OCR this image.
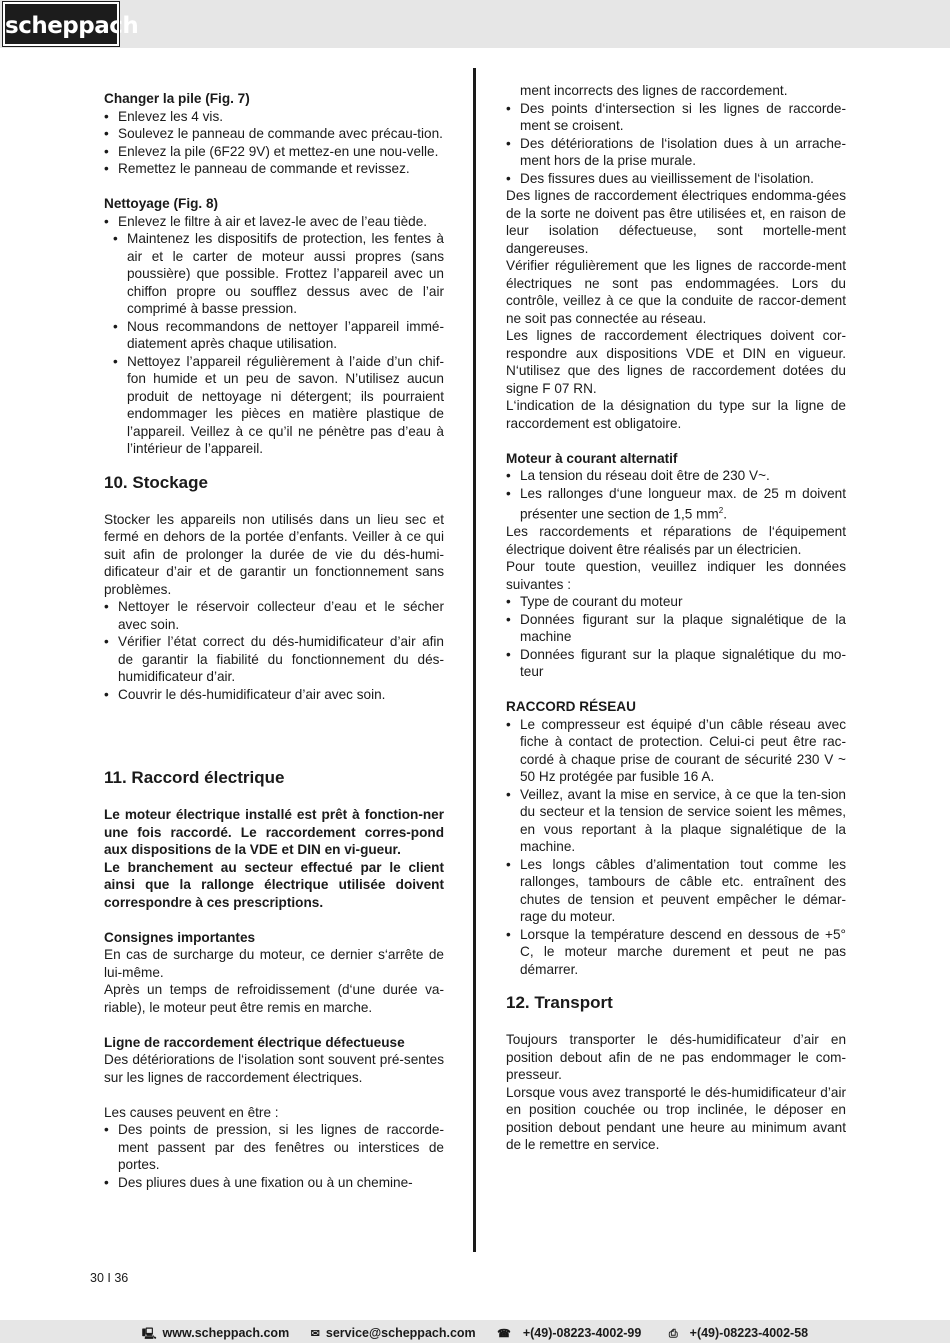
scheppach

Changer la pile (Fig. 7)

• Enlevez les 4 vis.
• Soulevez le panneau de commande avec précau-tion.
• Enlevez la pile (6F22 9V) et mettez-en une nou-velle.
• Remettez le panneau de commande et revissez.

Nettoyage (Fig. 8)

• Enlevez le filtre à air et lavez-le avec de l’eau tiède.
• Maintenez les dispositifs de protection, les fentes à air et le carter de moteur aussi propres (sans poussière) que possible. Frottez l’appareil avec un chiffon propre ou soufflez dessus avec de l’air comprimé à basse pression.
• Nous recommandons de nettoyer l’appareil immé-diatement après chaque utilisation.
• Nettoyez l’appareil régulièrement à l’aide d’un chif-fon humide et un peu de savon. N’utilisez aucun produit de nettoyage ni détergent; ils pourraient endommager les pièces en matière plastique de l’appareil. Veillez à ce qu’il ne pénètre pas d’eau à l’intérieur de l’appareil.
10. Stockage

Stocker les appareils non utilisés dans un lieu sec et fermé en dehors de la portée d’enfants. Veiller à ce qui suit afin de prolonger la durée de vie du dés-humi-dificateur d’air et de garantir un fonctionnement sans problèmes.

• Nettoyer le réservoir collecteur d’eau et le sécher avec soin.
• Vérifier l’état correct du dés-humidificateur d’air afin de garantir la fiabilité du fonctionnement du dés-humidificateur d’air.
• Couvrir le dés-humidificateur d’air avec soin.
11. Raccord électrique

Le moteur électrique installé est prêt à fonction-ner une fois raccordé. Le raccordement corres-pond aux dispositions de la VDE et DIN en vi-gueur.

Le branchement au secteur effectué par le client ainsi que la rallonge électrique utilisée doivent correspondre à ces prescriptions.

Consignes importantes

En cas de surcharge du moteur, ce dernier s‘arrête de lui-même.

Après un temps de refroidissement (d‘une durée va-riable), le moteur peut être remis en marche.

Ligne de raccordement électrique défectueuse

Des détériorations de l‘isolation sont souvent pré-sentes sur les lignes de raccordement électriques.

Les causes peuvent en être :

• Des points de pression, si les lignes de raccorde-ment passent par des fenêtres ou interstices de portes.
• Des pliures dues à une fixation ou à un chemine-

ment incorrects des lignes de raccordement.

• Des points d‘intersection si les lignes de raccorde-ment se croisent.
• Des détériorations de l‘isolation dues à un arrache-ment hors de la prise murale.
• Des fissures dues au vieillissement de l‘isolation.

Des lignes de raccordement électriques endomma-gées de la sorte ne doivent pas être utilisées et, en raison de leur isolation défectueuse, sont mortelle-ment dangereuses.

Vérifier régulièrement que les lignes de raccorde-ment électriques ne sont pas endommagées. Lors du contrôle, veillez à ce que la conduite de raccor-dement ne soit pas connectée au réseau.

Les lignes de raccordement électriques doivent cor-respondre aux dispositions VDE et DIN en vigueur. N‘utilisez que des lignes de raccordement dotées du signe F 07 RN.

L‘indication de la désignation du type sur la ligne de raccordement est obligatoire.

Moteur à courant alternatif

• La tension du réseau doit être de 230 V~.
• Les rallonges d‘une longueur max. de 25 m doivent présenter une section de 1,5 $mm^2$.

Les raccordements et réparations de l‘équipement électrique doivent être réalisés par un électricien.

Pour toute question, veuillez indiquer les données suivantes :

• Type de courant du moteur
• Données figurant sur la plaque signalétique de la machine
• Données figurant sur la plaque signalétique du mo-teur

RACCORD RÉSEAU

• Le compresseur est équipé d’un câble réseau avec fiche à contact de protection. Celui-ci peut être rac-cordé à chaque prise de courant de sécurité 230 V ~ 50 Hz protégée par fusible 16 A.
• Veillez, avant la mise en service, à ce que la ten-sion du secteur et la tension de service soient les mêmes, en vous reportant à la plaque signalétique de la machine.
• Les longs câbles d’alimentation tout comme les rallonges, tambours de câble etc. entraînent des chutes de tension et peuvent empêcher le démar-rage du moteur.
• Lorsque la température descend en dessous de +5° C, le moteur marche durement et peut ne pas démarrer.
12. Transport

Toujours transporter le dés-humidificateur d’air en position debout afin de ne pas endommager le com-presseur.

Lorsque vous avez transporté le dés-humidificateur d’air en position couchée ou trop inclinée, le déposer en position debout pendant une heure au minimum avant de le remettre en service.

30 I 36
🖳 www.scheppach.com ✉ service@scheppach.com ☎ +(49)-08223-4002-99 ⎙ +(49)-08223-4002-58
